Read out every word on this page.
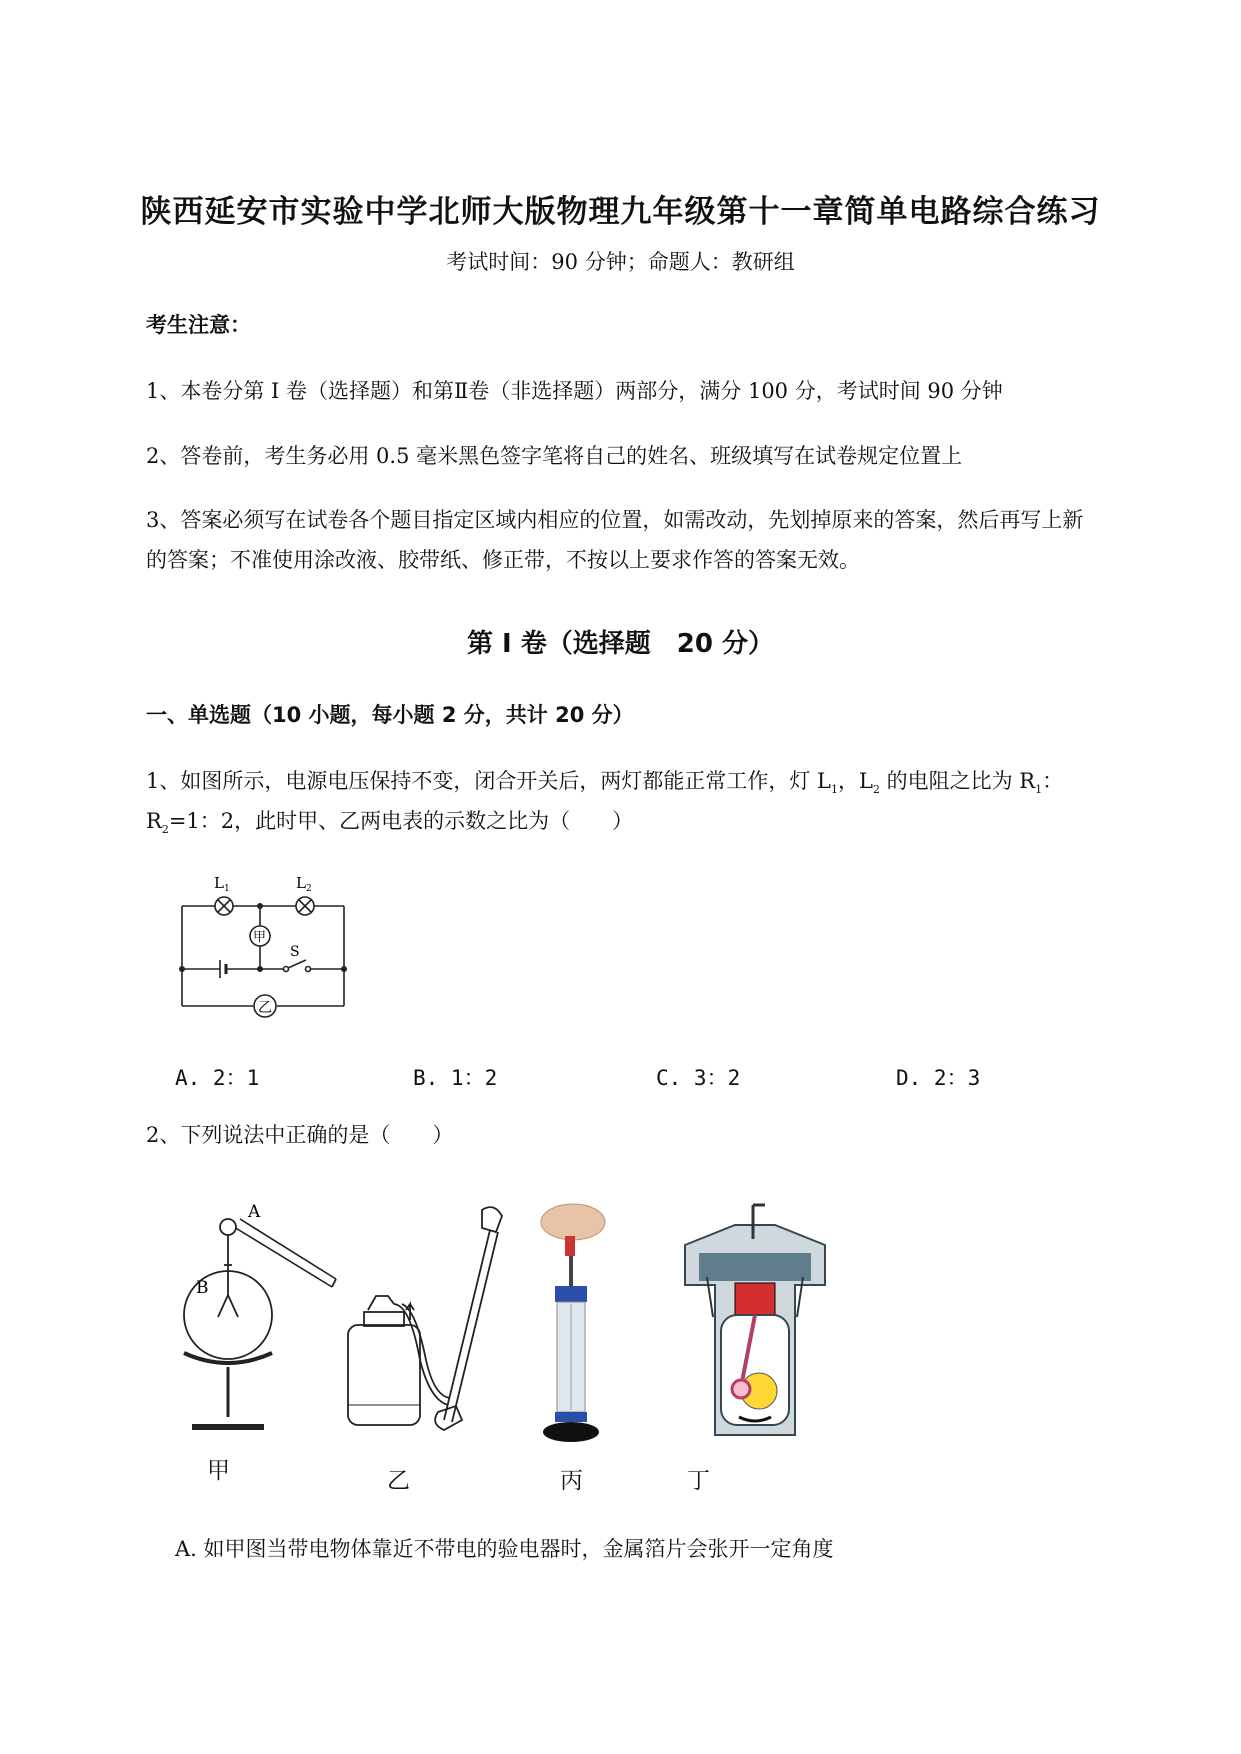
陕西延安市实验中学北师大版物理九年级第十一章简单电路综合练习
考试时间：90 分钟；命题人：教研组
考生注意：
1、本卷分第 I 卷（选择题）和第Ⅱ卷（非选择题）两部分，满分 100 分，考试时间 90 分钟
2、答卷前，考生务必用 0.5 毫米黑色签字笔将自己的姓名、班级填写在试卷规定位置上
3、答案必须写在试卷各个题目指定区域内相应的位置，如需改动，先划掉原来的答案，然后再写上新
的答案；不准使用涂改液、胶带纸、修正带，不按以上要求作答的答案无效。
第 I 卷（选择题　20 分）
一、单选题（10 小题，每小题 2 分，共计 20 分）
1、如图所示，电源电压保持不变，闭合开关后，两灯都能正常工作，灯 $L_1$，$L_2$ 的电阻之比为 $R_1$：
$R_2=1$：2，此时甲、乙两电表的示数之比为（　　）
$L_1$	$L_2$
甲
乙
S
A. 2：1	B. 1：2	C. 3：2	D. 2：3
2、下列说法中正确的是（　　）
B
A
甲	乙	丙	丁
A. 如甲图当带电物体靠近不带电的验电器时，金属箔片会张开一定角度
